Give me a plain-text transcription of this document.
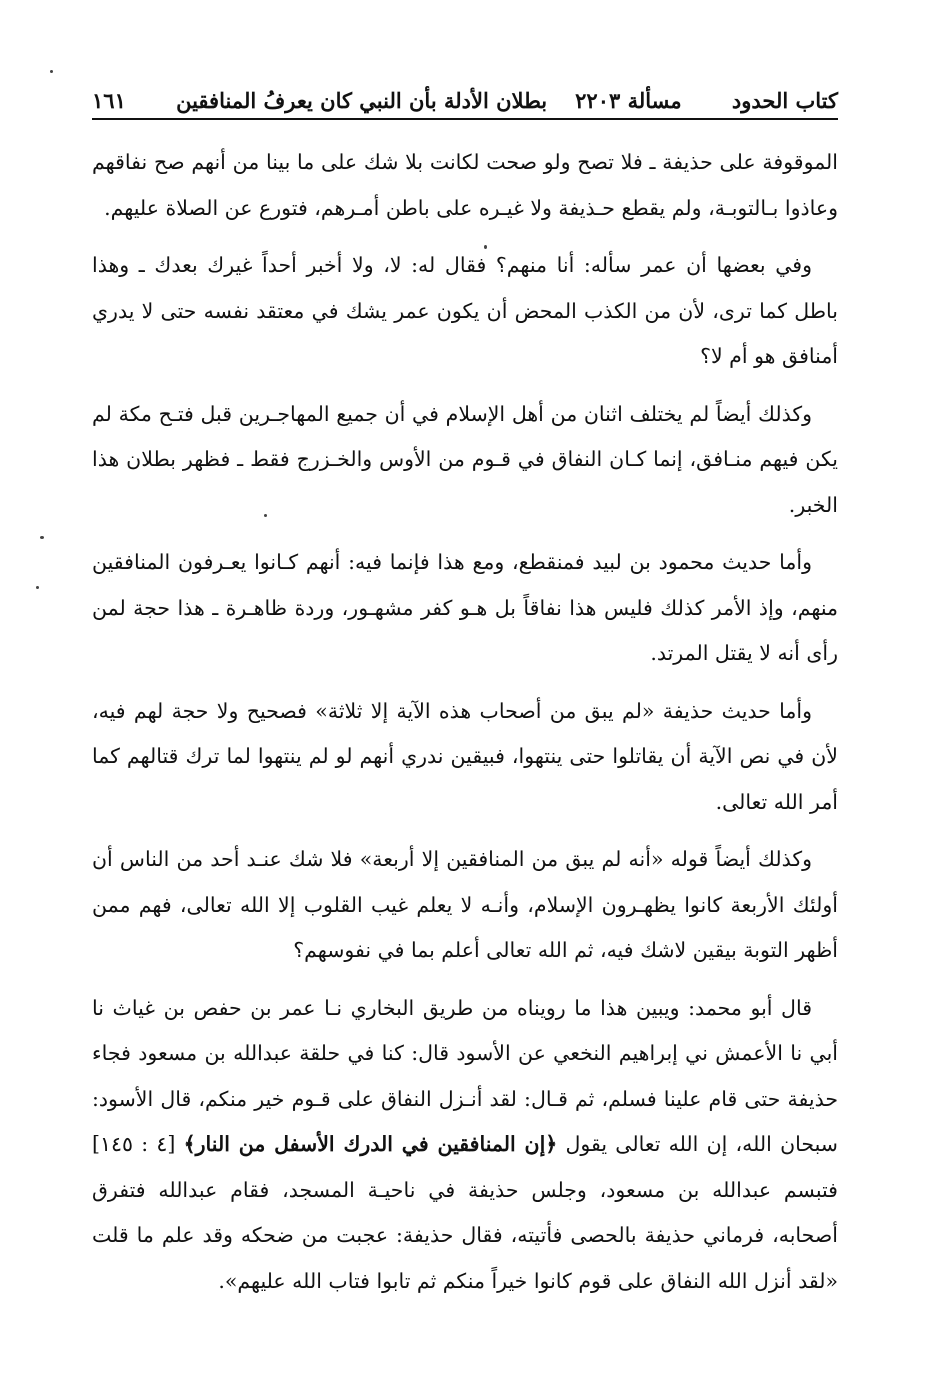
كتاب الحدود
مسألة ٢٢٠٣
بطلان الأدلة بأن النبي كان يعرفُ المنافقين
١٦١

الموقوفة على حذيفة ـ فلا تصح ولو صحت لكانت بلا شك على ما بينا من أنهم صح نفاقهم وعاذوا بـالتوبـة، ولم يقطع حـذيفة ولا غيـره على باطن أمـرهم، فتورع عن الصلاة عليهم.

وفي بعضها أن عمر سأله: أنا منهم؟ فقال له: لا، ولا أخبر أحداً غيرك بعدك ـ وهذا باطل كما ترى، لأن من الكذب المحض أن يكون عمر يشك في معتقد نفسه حتى لا يدري أمنافق هو أم لا؟

وكذلك أيضاً لم يختلف اثنان من أهل الإسلام في أن جميع المهاجـرين قبل فتـح مكة لم يكن فيهم منـافق، إنما كـان النفاق في قـوم من الأوس والخـزرج فقط ـ فظهر بطلان هذا الخبر.

وأما حديث محمود بن لبيد فمنقطع، ومع هذا فإنما فيه: أنهم كـانوا يعـرفون المنافقين منهم، وإذ الأمر كذلك فليس هذا نفاقاً بل هـو كفر مشهـور، وردة ظاهـرة ـ هذا حجة لمن رأى أنه لا يقتل المرتد.

وأما حديث حذيفة «لم يبق من أصحاب هذه الآية إلا ثلاثة» فصحيح ولا حجة لهم فيه، لأن في نص الآية أن يقاتلوا حتى ينتهوا، فبيقين ندري أنهم لو لم ينتهوا لما ترك قتالهم كما أمر الله تعالى.

وكذلك أيضاً قوله «أنه لم يبق من المنافقين إلا أربعة» فلا شك عنـد أحد من الناس أن أولئك الأربعة كانوا يظهـرون الإسلام، وأنـه لا يعلم غيب القلوب إلا الله تعالى، فهم ممن أظهر التوبة بيقين لاشك فيه، ثم الله تعالى أعلم بما في نفوسهم؟

قال أبو محمد: ويبين هذا ما رويناه من طريق البخاري نـا عمر بن حفص بن غياث نا أبي نا الأعمش ني إبراهيم النخعي عن الأسود قال: كنا في حلقة عبدالله بن مسعود فجاء حذيفة حتى قام علينا فسلم، ثم قـال: لقد أنـزل النفاق على قـوم خير منكم، قال الأسود: سبحان الله، إن الله تعالى يقول ﴿إن المنافقين في الدرك الأسفل من النار﴾ [٤ : ١٤٥] فتبسم عبدالله بن مسعود، وجلس حذيفة في ناحيـة المسجد، فقام عبدالله فتفرق أصحابه، فرماني حذيفة بالحصى فأتيته، فقال حذيفة: عجبت من ضحكه وقد علم ما قلت «لقد أنزل الله النفاق على قوم كانوا خيراً منكم ثم تابوا فتاب الله عليهم».
